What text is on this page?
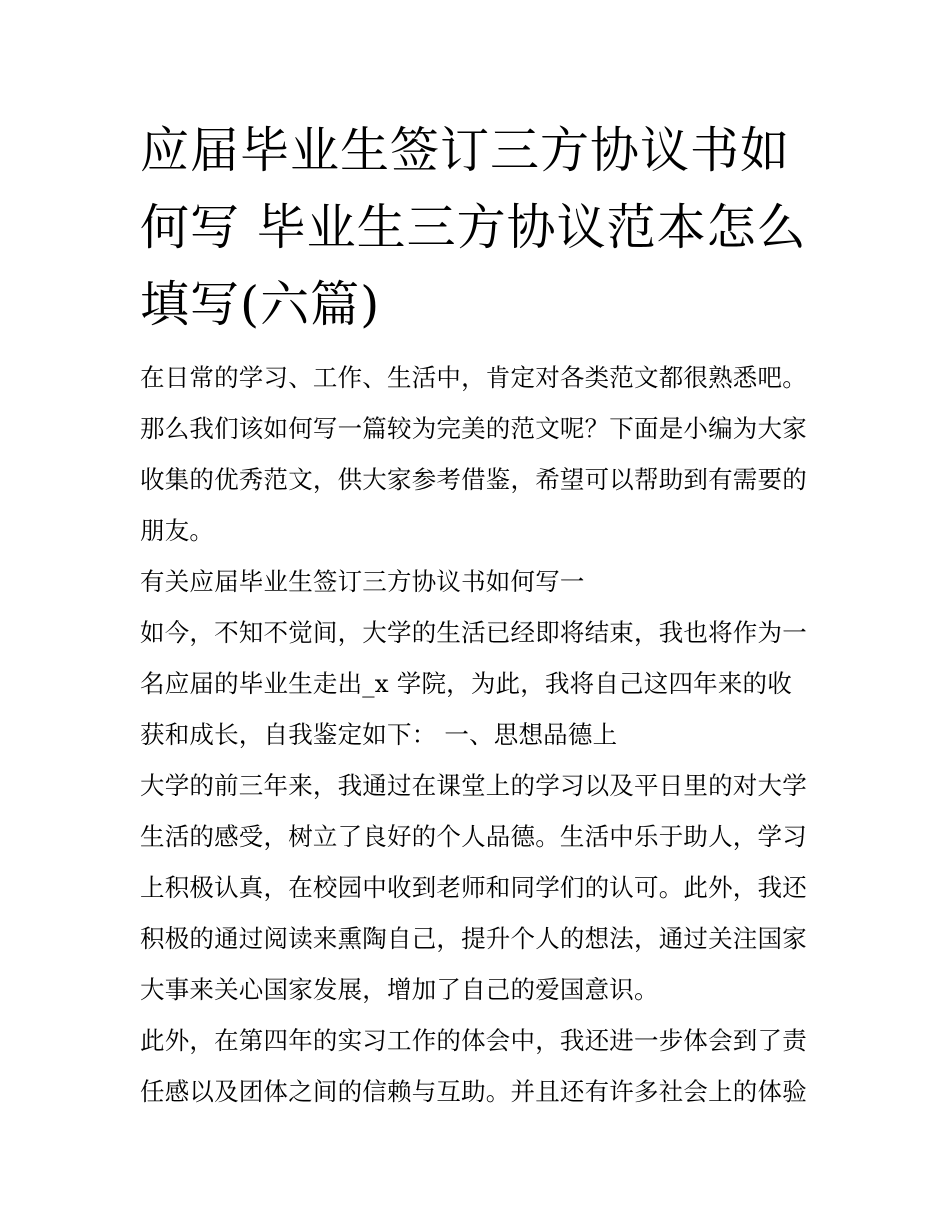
应届毕业生签订三方协议书如
何写 毕业生三方协议范本怎么
填写(六篇)
在日常的学习、工作、生活中，肯定对各类范文都很熟悉吧。
那么我们该如何写一篇较为完美的范文呢？下面是小编为大家
收集的优秀范文，供大家参考借鉴，希望可以帮助到有需要的
朋友。
有关应届毕业生签订三方协议书如何写一
如今，不知不觉间，大学的生活已经即将结束，我也将作为一
名应届的毕业生走出_x 学院，为此，我将自己这四年来的收
获和成长，自我鉴定如下： 一、思想品德上
大学的前三年来，我通过在课堂上的学习以及平日里的对大学
生活的感受，树立了良好的个人品德。生活中乐于助人，学习
上积极认真，在校园中收到老师和同学们的认可。此外，我还
积极的通过阅读来熏陶自己，提升个人的想法，通过关注国家
大事来关心国家发展，增加了自己的爱国意识。
此外，在第四年的实习工作的体会中，我还进一步体会到了责
任感以及团体之间的信赖与互助。并且还有许多社会上的体验
